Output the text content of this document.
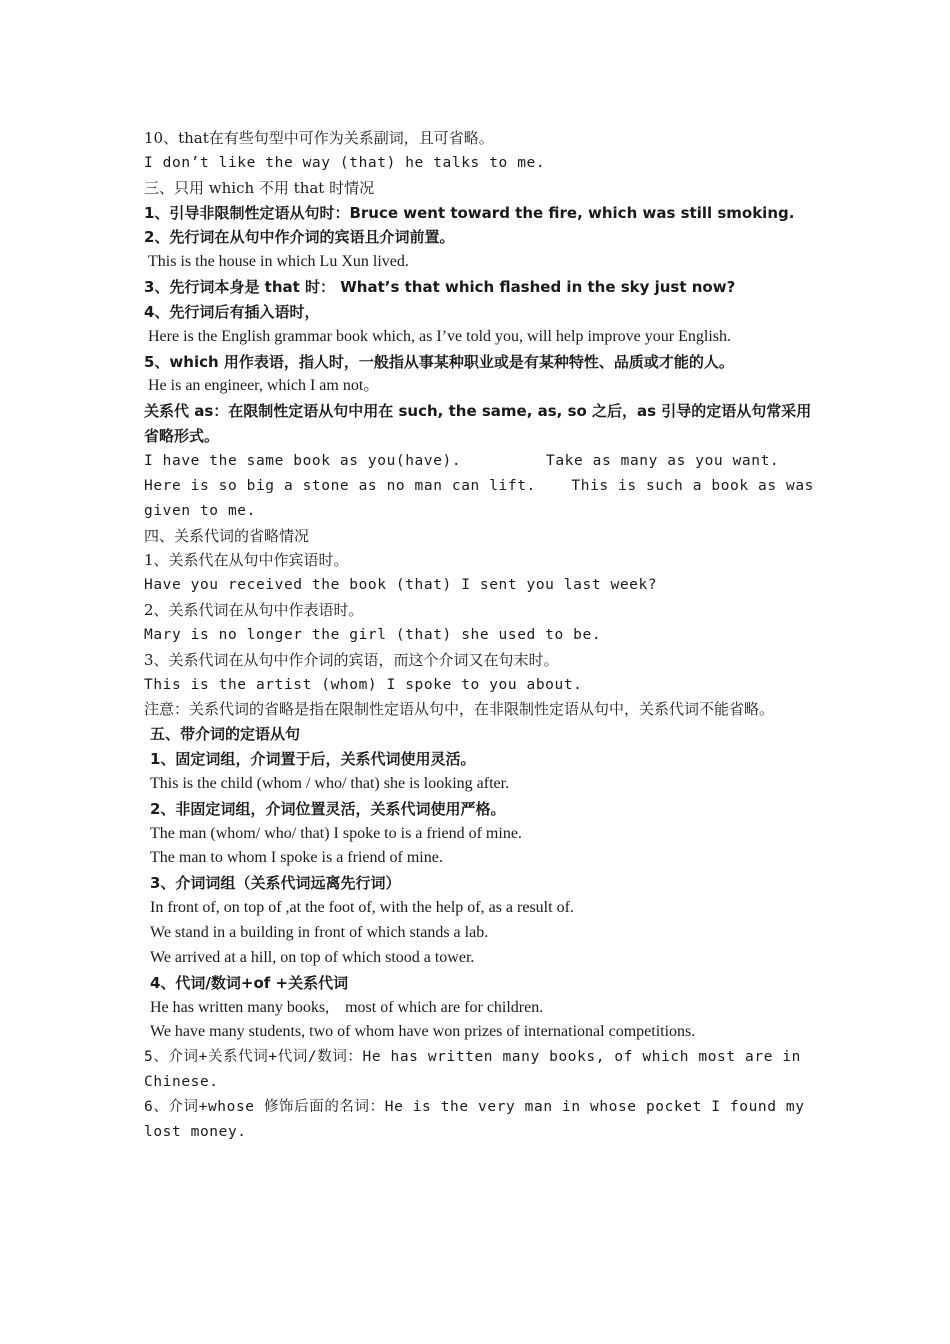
10、that在有些句型中可作为关系副词，且可省略。
I don’t like the way (that) he talks to me.
三、只用 which 不用 that 时情况
1、引导非限制性定语从句时：Bruce went toward the fire, which was still smoking.
2、先行词在从句中作介词的宾语且介词前置。
This is the house in which Lu Xun lived.
3、先行词本身是 that 时： What’s that which flashed in the sky just now?
4、先行词后有插入语时，
Here is the English grammar book which, as I’ve told you, will help improve your English.
5、which 用作表语，指人时，一般指从事某种职业或是有某种特性、品质或才能的人。
He is an engineer, which I am not。
关系代 as：在限制性定语从句中用在 such, the same, as, so 之后，as 引导的定语从句常采用省略形式。
I have the same book as you(have).	Take as many as you want.
Here is so big a stone as no man can lift.	This is such a book as was
given to me.
四、关系代词的省略情况
1、关系代在从句中作宾语时。
Have you received the book (that) I sent you last week?
2、关系代词在从句中作表语时。
Mary is no longer the girl (that) she used to be.
3、关系代词在从句中作介词的宾语，而这个介词又在句末时。
This is the artist (whom) I spoke to you about.
注意：关系代词的省略是指在限制性定语从句中，在非限制性定语从句中，关系代词不能省略。
五、带介词的定语从句
1、固定词组，介词置于后，关系代词使用灵活。
This is the child (whom / who/ that) she is looking after.
2、非固定词组，介词位置灵活，关系代词使用严格。
The man (whom/ who/ that) I spoke to is a friend of mine.
The man to whom I spoke is a friend of mine.
3、介词词组（关系代词远离先行词）
In front of, on top of ,at the foot of, with the help of, as a result of.
We stand in a building in front of which stands a lab.
We arrived at a hill, on top of which stood a tower.
4、代词/数词+of +关系代词
He has written many books,    most of which are for children.
We have many students, two of whom have won prizes of international competitions.
5、介词+关系代词+代词/数词：He has written many books, of which most are in Chinese.
6、介词+whose 修饰后面的名词：He is the very man in whose pocket I found my lost money.
